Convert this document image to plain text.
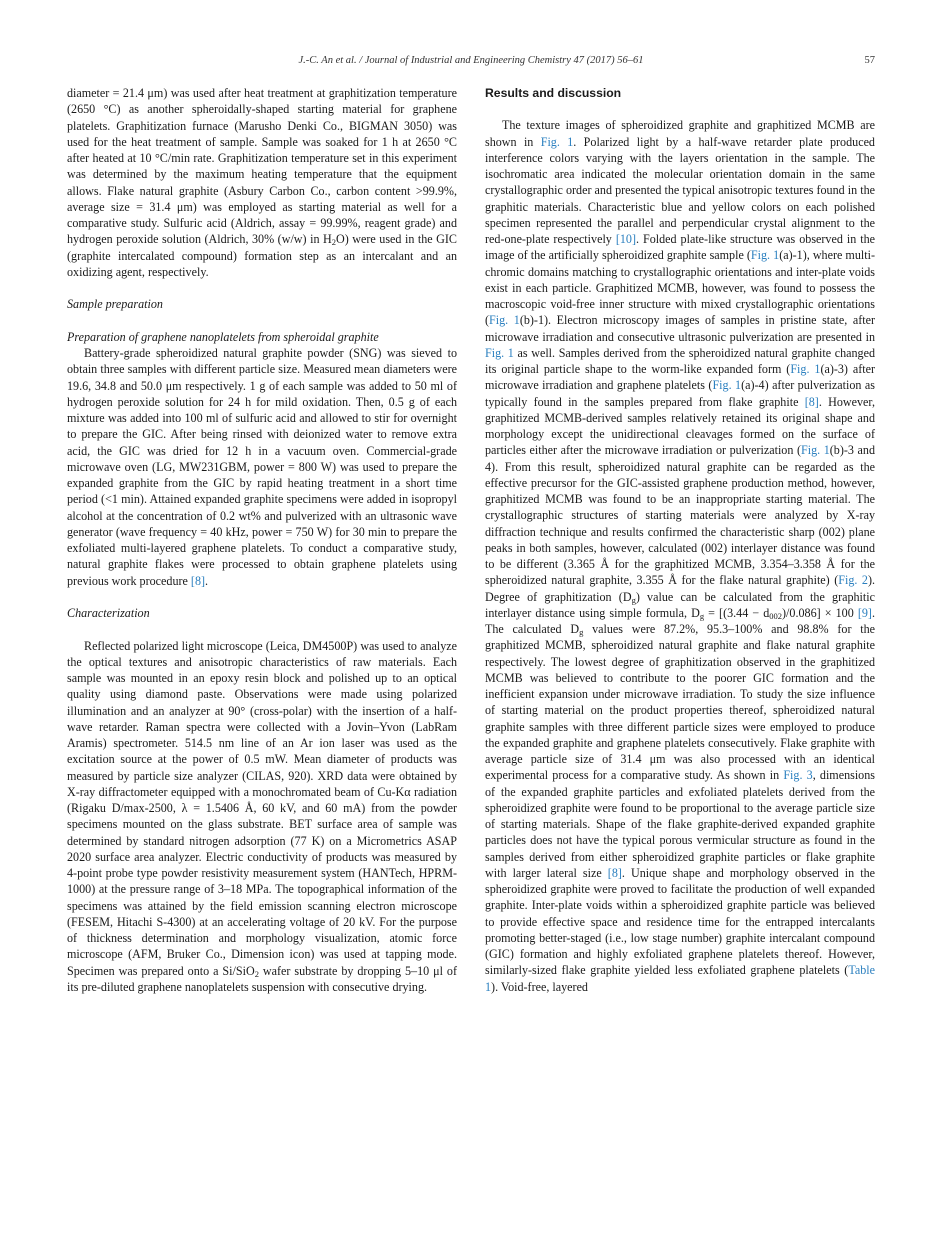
J.-C. An et al. / Journal of Industrial and Engineering Chemistry 47 (2017) 56–61	57

diameter = 21.4 μm) was used after heat treatment at graphitization temperature (2650 °C) as another spheroidally-shaped starting material for graphene platelets. Graphitization furnace (Marusho Denki Co., BIGMAN 3050) was used for the heat treatment of sample. Sample was soaked for 1 h at 2650 °C after heated at 10 °C/min rate. Graphitization temperature set in this experiment was determined by the maximum heating temperature that the equipment allows. Flake natural graphite (Asbury Carbon Co., carbon content >99.9%, average size = 31.4 μm) was employed as starting material as well for a comparative study. Sulfuric acid (Aldrich, assay = 99.99%, reagent grade) and hydrogen peroxide solution (Aldrich, 30% (w/w) in $H_2O$) were used in the GIC (graphite intercalated compound) formation step as an intercalant and an oxidizing agent, respectively.

Sample preparation
Preparation of graphene nanoplatelets from spheroidal graphite

Battery-grade spheroidized natural graphite powder (SNG) was sieved to obtain three samples with different particle size. Measured mean diameters were 19.6, 34.8 and 50.0 μm respectively. 1 g of each sample was added to 50 ml of hydrogen peroxide solution for 24 h for mild oxidation. Then, 0.5 g of each mixture was added into 100 ml of sulfuric acid and allowed to stir for overnight to prepare the GIC. After being rinsed with deionized water to remove extra acid, the GIC was dried for 12 h in a vacuum oven. Commercial-grade microwave oven (LG, MW231GBM, power = 800 W) was used to prepare the expanded graphite from the GIC by rapid heating treatment in a short time period (<1 min). Attained expanded graphite specimens were added in isopropyl alcohol at the concentration of 0.2 wt% and pulverized with an ultrasonic wave generator (wave frequency = 40 kHz, power = 750 W) for 30 min to prepare the exfoliated multi-layered graphene platelets. To conduct a comparative study, natural graphite flakes were processed to obtain graphene platelets using previous work procedure [8].

Characterization

Reflected polarized light microscope (Leica, DM4500P) was used to analyze the optical textures and anisotropic characteristics of raw materials. Each sample was mounted in an epoxy resin block and polished up to an optical quality using diamond paste. Observations were made using polarized illumination and an analyzer at 90° (cross-polar) with the insertion of a half-wave retarder. Raman spectra were collected with a Jovin–Yvon (LabRam Aramis) spectrometer. 514.5 nm line of an Ar ion laser was used as the excitation source at the power of 0.5 mW. Mean diameter of products was measured by particle size analyzer (CILAS, 920). XRD data were obtained by X-ray diffractometer equipped with a monochromated beam of Cu-Kα radiation (Rigaku D/max-2500, λ = 1.5406 Å, 60 kV, and 60 mA) from the powder specimens mounted on the glass substrate. BET surface area of sample was determined by standard nitrogen adsorption (77 K) on a Micrometrics ASAP 2020 surface area analyzer. Electric conductivity of products was measured by 4-point probe type powder resistivity measurement system (HANTech, HPRM-1000) at the pressure range of 3–18 MPa. The topographical information of the specimens was attained by the field emission scanning electron microscope (FESEM, Hitachi S-4300) at an accelerating voltage of 20 kV. For the purpose of thickness determination and morphology visualization, atomic force microscope (AFM, Bruker Co., Dimension icon) was used at tapping mode. Specimen was prepared onto a Si/SiO$_2$ wafer substrate by dropping 5–10 μl of its pre-diluted graphene nanoplatelets suspension with consecutive drying.

Results and discussion

The texture images of spheroidized graphite and graphitized MCMB are shown in Fig. 1. Polarized light by a half-wave retarder plate produced interference colors varying with the layers orientation in the sample. The isochromatic area indicated the molecular orientation domain in the same crystallographic order and presented the typical anisotropic textures found in the graphitic materials. Characteristic blue and yellow colors on each polished specimen represented the parallel and perpendicular crystal alignment to the red-one-plate respectively [10]. Folded plate-like structure was observed in the image of the artificially spheroidized graphite sample (Fig. 1(a)-1), where multi-chromic domains matching to crystallographic orientations and inter-plate voids exist in each particle. Graphitized MCMB, however, was found to possess the macroscopic void-free inner structure with mixed crystallographic orientations (Fig. 1(b)-1). Electron microscopy images of samples in pristine state, after microwave irradiation and consecutive ultrasonic pulverization are presented in Fig. 1 as well. Samples derived from the spheroidized natural graphite changed its original particle shape to the worm-like expanded form (Fig. 1(a)-3) after microwave irradiation and graphene platelets (Fig. 1(a)-4) after pulverization as typically found in the samples prepared from flake graphite [8]. However, graphitized MCMB-derived samples relatively retained its original shape and morphology except the unidirectional cleavages formed on the surface of particles either after the microwave irradiation or pulverization (Fig. 1(b)-3 and 4). From this result, spheroidized natural graphite can be regarded as the effective precursor for the GIC-assisted graphene production method, however, graphitized MCMB was found to be an inappropriate starting material. The crystallographic structures of starting materials were analyzed by X-ray diffraction technique and results confirmed the characteristic sharp (002) plane peaks in both samples, however, calculated (002) interlayer distance was found to be different (3.365 Å for the graphitized MCMB, 3.354–3.358 Å for the spheroidized natural graphite, 3.355 Å for the flake natural graphite) (Fig. 2). Degree of graphitization $(D_g)$ value can be calculated from the graphitic interlayer distance using simple formula, $D_g = [(3.44 - d_{002})/0.086] \times 100$ [9]. The calculated $D_g$ values were 87.2%, 95.3–100% and 98.8% for the graphitized MCMB, spheroidized natural graphite and flake natural graphite respectively. The lowest degree of graphitization observed in the graphitized MCMB was believed to contribute to the poorer GIC formation and the inefficient expansion under microwave irradiation. To study the size influence of starting material on the product properties thereof, spheroidized natural graphite samples with three different particle sizes were employed to produce the expanded graphite and graphene platelets consecutively. Flake graphite with average particle size of 31.4 μm was also processed with an identical experimental process for a comparative study. As shown in Fig. 3, dimensions of the expanded graphite particles and exfoliated platelets derived from the spheroidized graphite were found to be proportional to the average particle size of starting materials. Shape of the flake graphite-derived expanded graphite particles does not have the typical porous vermicular structure as found in the samples derived from either spheroidized graphite particles or flake graphite with larger lateral size [8]. Unique shape and morphology observed in the spheroidized graphite were proved to facilitate the production of well expanded graphite. Inter-plate voids within a spheroidized graphite particle was believed to provide effective space and residence time for the entrapped intercalants promoting better-staged (i.e., low stage number) graphite intercalant compound (GIC) formation and highly exfoliated graphene platelets thereof. However, similarly-sized flake graphite yielded less exfoliated graphene platelets (Table 1). Void-free, layered
